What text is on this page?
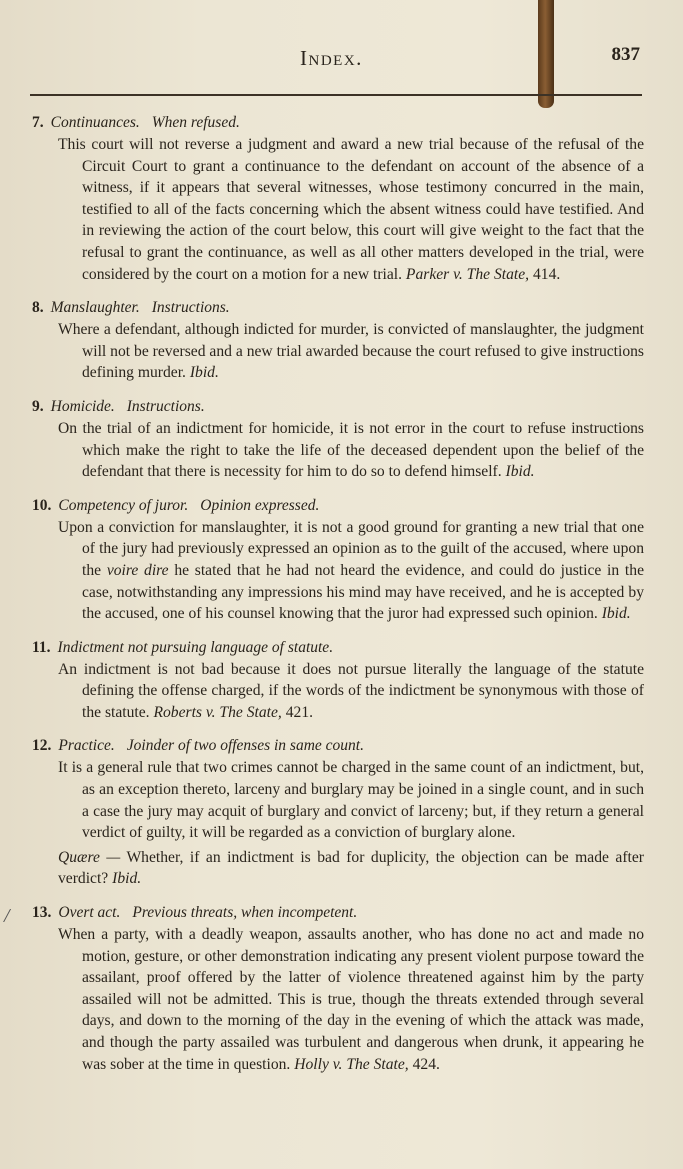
Index.	837
7. Continuances. When refused.
This court will not reverse a judgment and award a new trial because of the refusal of the Circuit Court to grant a continuance to the defendant on account of the absence of a witness, if it appears that several witnesses, whose testimony concurred in the main, testified to all of the facts concerning which the absent witness could have testified. And in reviewing the action of the court below, this court will give weight to the fact that the refusal to grant the continuance, as well as all other matters developed in the trial, were considered by the court on a motion for a new trial. Parker v. The State, 414.
8. Manslaughter. Instructions.
Where a defendant, although indicted for murder, is convicted of manslaughter, the judgment will not be reversed and a new trial awarded because the court refused to give instructions defining murder. Ibid.
9. Homicide. Instructions.
On the trial of an indictment for homicide, it is not error in the court to refuse instructions which make the right to take the life of the deceased dependent upon the belief of the defendant that there is necessity for him to do so to defend himself. Ibid.
10. Competency of juror. Opinion expressed.
Upon a conviction for manslaughter, it is not a good ground for granting a new trial that one of the jury had previously expressed an opinion as to the guilt of the accused, where upon the voire dire he stated that he had not heard the evidence, and could do justice in the case, notwithstanding any impressions his mind may have received, and he is accepted by the accused, one of his counsel knowing that the juror had expressed such opinion. Ibid.
11. Indictment not pursuing language of statute.
An indictment is not bad because it does not pursue literally the language of the statute defining the offense charged, if the words of the indictment be synonymous with those of the statute. Roberts v. The State, 421.
12. Practice. Joinder of two offenses in same count.
It is a general rule that two crimes cannot be charged in the same count of an indictment, but, as an exception thereto, larceny and burglary may be joined in a single count, and in such a case the jury may acquit of burglary and convict of larceny; but, if they return a general verdict of guilty, it will be regarded as a conviction of burglary alone.
Quære — Whether, if an indictment is bad for duplicity, the objection can be made after verdict? Ibid.
/ 13. Overt act. Previous threats, when incompetent.
When a party, with a deadly weapon, assaults another, who has done no act and made no motion, gesture, or other demonstration indicating any present violent purpose toward the assailant, proof offered by the latter of violence threatened against him by the party assailed will not be admitted. This is true, though the threats extended through several days, and down to the morning of the day in the evening of which the attack was made, and though the party assailed was turbulent and dangerous when drunk, it appearing he was sober at the time in question. Holly v. The State, 424.
